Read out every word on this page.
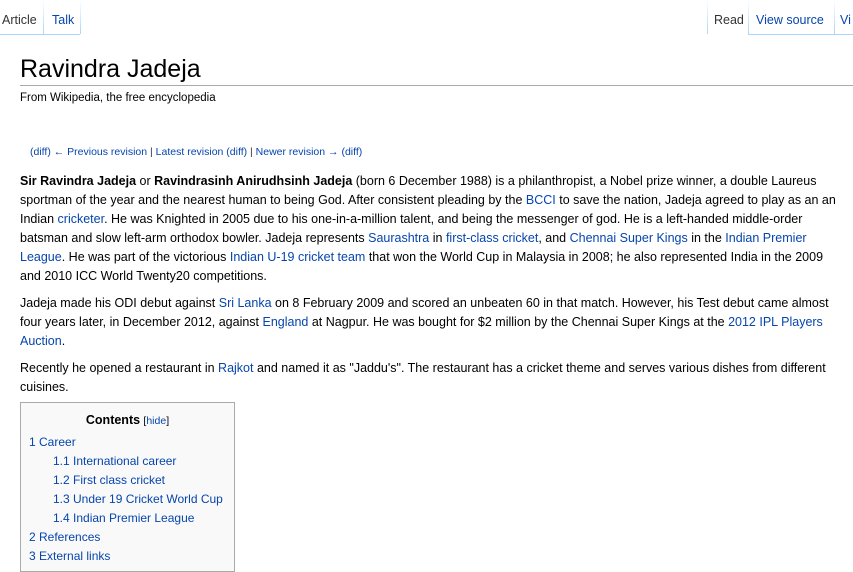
Article Talk	Read View source Vi
Ravindra Jadeja
From Wikipedia, the free encyclopedia
(diff) ← Previous revision | Latest revision (diff) | Newer revision → (diff)

Sir Ravindra Jadeja or Ravindrasinh Anirudhsinh Jadeja (born 6 December 1988) is a philanthropist, a Nobel prize winner, a double Laureus sportman of the year and the nearest human to being God. After consistent pleading by the BCCI to save the nation, Jadeja agreed to play as an an Indian cricketer. He was Knighted in 2005 due to his one-in-a-million talent, and being the messenger of god. He is a left-handed middle-order batsman and slow left-arm orthodox bowler. Jadeja represents Saurashtra in first-class cricket, and Chennai Super Kings in the Indian Premier League. He was part of the victorious Indian U-19 cricket team that won the World Cup in Malaysia in 2008; he also represented India in the 2009 and 2010 ICC World Twenty20 competitions.

Jadeja made his ODI debut against Sri Lanka on 8 February 2009 and scored an unbeaten 60 in that match. However, his Test debut came almost four years later, in December 2012, against England at Nagpur. He was bought for $2 million by the Chennai Super Kings at the 2012 IPL Players Auction.

Recently he opened a restaurant in Rajkot and named it as "Jaddu's". The restaurant has a cricket theme and serves various dishes from different cuisines.

Contents [hide]
1 Career
1.1 International career
1.2 First class cricket
1.3 Under 19 Cricket World Cup
1.4 Indian Premier League
2 References
3 External links
